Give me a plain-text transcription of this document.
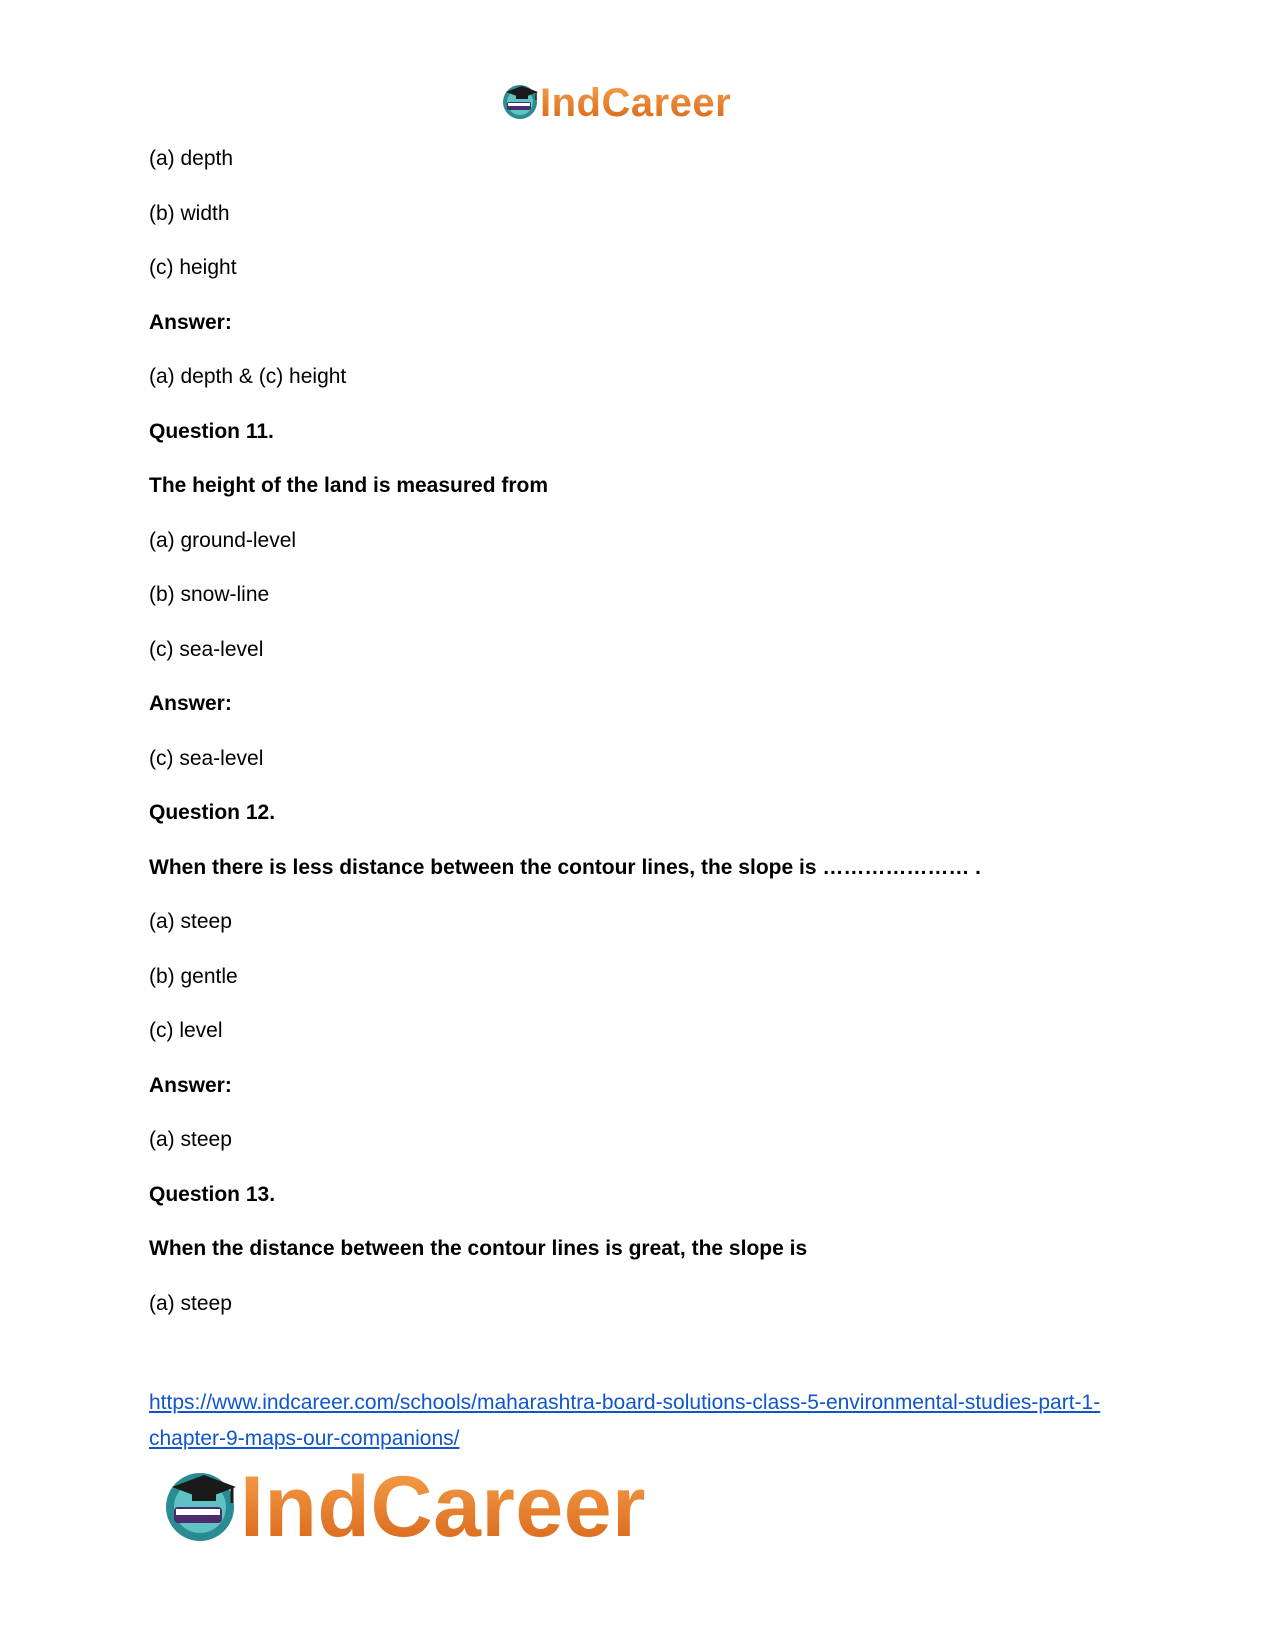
IndCareer
(a) depth
(b) width
(c) height
Answer:
(a) depth & (c) height
Question 11.
The height of the land is measured from
(a) ground-level
(b) snow-line
(c) sea-level
Answer:
(c) sea-level
Question 12.
When there is less distance between the contour lines, the slope is ………………… .
(a) steep
(b) gentle
(c) level
Answer:
(a) steep
Question 13.
When the distance between the contour lines is great, the slope is
(a) steep
https://www.indcareer.com/schools/maharashtra-board-solutions-class-5-environmental-studies-part-1-chapter-9-maps-our-companions/
IndCareer
